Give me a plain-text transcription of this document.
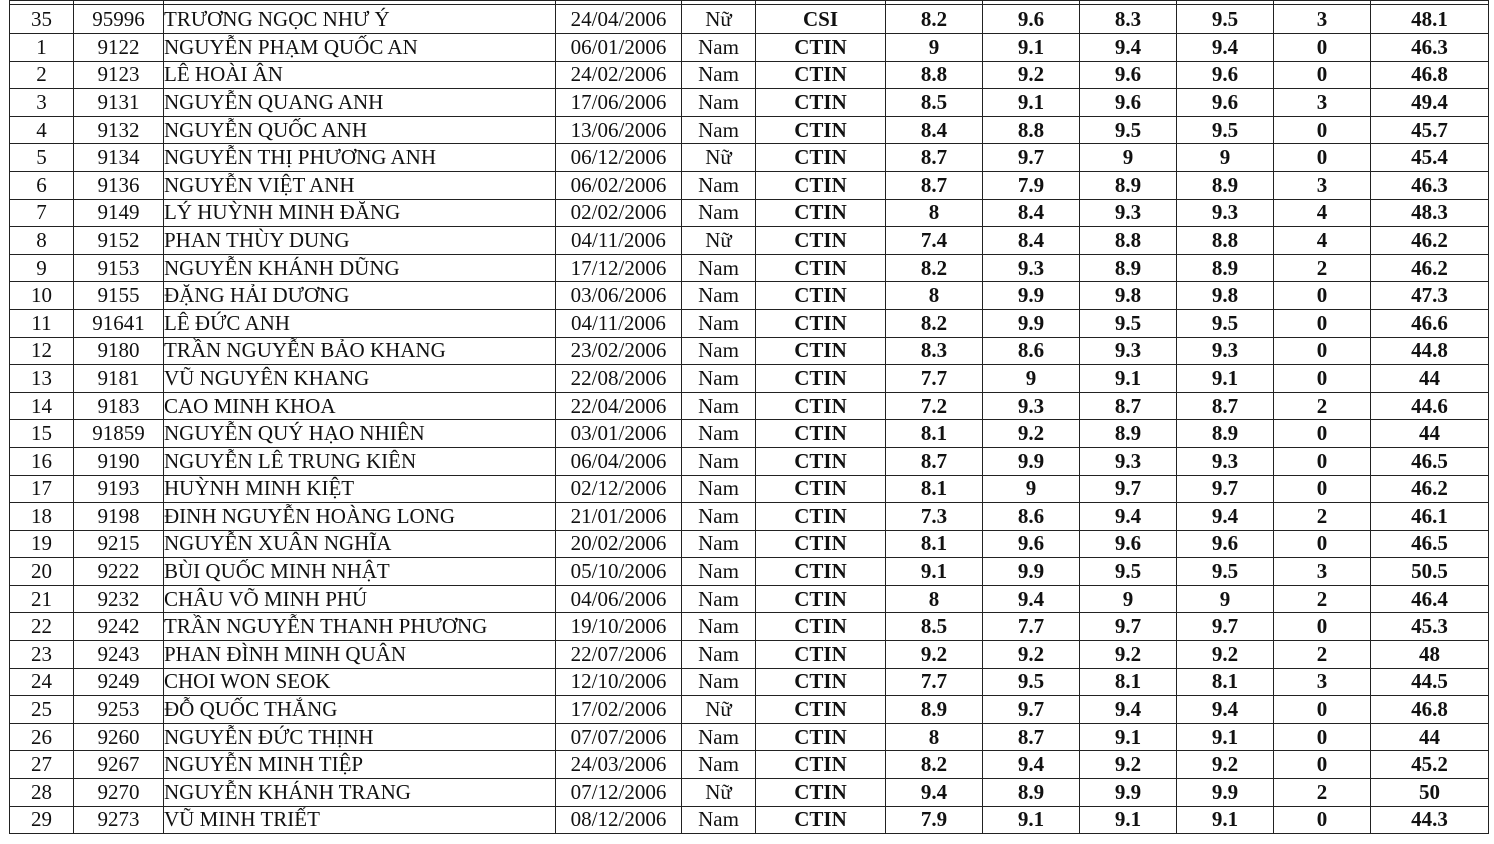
35	95996	TRƯƠNG NGỌC NHƯ Ý	24/04/2006	Nữ	CSI	8.2	9.6	8.3	9.5	3	48.1
1	9122	NGUYỄN PHẠM QUỐC AN	06/01/2006	Nam	CTIN	9	9.1	9.4	9.4	0	46.3
2	9123	LÊ HOÀI ÂN	24/02/2006	Nam	CTIN	8.8	9.2	9.6	9.6	0	46.8
3	9131	NGUYỄN QUANG ANH	17/06/2006	Nam	CTIN	8.5	9.1	9.6	9.6	3	49.4
4	9132	NGUYỄN QUỐC ANH	13/06/2006	Nam	CTIN	8.4	8.8	9.5	9.5	0	45.7
5	9134	NGUYỄN THỊ PHƯƠNG ANH	06/12/2006	Nữ	CTIN	8.7	9.7	9	9	0	45.4
6	9136	NGUYỄN VIỆT ANH	06/02/2006	Nam	CTIN	8.7	7.9	8.9	8.9	3	46.3
7	9149	LÝ HUỲNH MINH ĐĂNG	02/02/2006	Nam	CTIN	8	8.4	9.3	9.3	4	48.3
8	9152	PHAN THÙY DUNG	04/11/2006	Nữ	CTIN	7.4	8.4	8.8	8.8	4	46.2
9	9153	NGUYỄN KHÁNH DŨNG	17/12/2006	Nam	CTIN	8.2	9.3	8.9	8.9	2	46.2
10	9155	ĐẶNG HẢI DƯƠNG	03/06/2006	Nam	CTIN	8	9.9	9.8	9.8	0	47.3
11	91641	LÊ ĐỨC ANH	04/11/2006	Nam	CTIN	8.2	9.9	9.5	9.5	0	46.6
12	9180	TRẦN NGUYỄN BẢO KHANG	23/02/2006	Nam	CTIN	8.3	8.6	9.3	9.3	0	44.8
13	9181	VŨ NGUYÊN KHANG	22/08/2006	Nam	CTIN	7.7	9	9.1	9.1	0	44
14	9183	CAO MINH KHOA	22/04/2006	Nam	CTIN	7.2	9.3	8.7	8.7	2	44.6
15	91859	NGUYỄN QUÝ HẠO NHIÊN	03/01/2006	Nam	CTIN	8.1	9.2	8.9	8.9	0	44
16	9190	NGUYỄN LÊ TRUNG KIÊN	06/04/2006	Nam	CTIN	8.7	9.9	9.3	9.3	0	46.5
17	9193	HUỲNH MINH KIỆT	02/12/2006	Nam	CTIN	8.1	9	9.7	9.7	0	46.2
18	9198	ĐINH NGUYỄN HOÀNG LONG	21/01/2006	Nam	CTIN	7.3	8.6	9.4	9.4	2	46.1
19	9215	NGUYỄN XUÂN NGHĨA	20/02/2006	Nam	CTIN	8.1	9.6	9.6	9.6	0	46.5
20	9222	BÙI QUỐC MINH NHẬT	05/10/2006	Nam	CTIN	9.1	9.9	9.5	9.5	3	50.5
21	9232	CHÂU VÕ MINH PHÚ	04/06/2006	Nam	CTIN	8	9.4	9	9	2	46.4
22	9242	TRẦN NGUYỄN THANH PHƯƠNG	19/10/2006	Nam	CTIN	8.5	7.7	9.7	9.7	0	45.3
23	9243	PHAN ĐÌNH MINH QUÂN	22/07/2006	Nam	CTIN	9.2	9.2	9.2	9.2	2	48
24	9249	CHOI WON SEOK	12/10/2006	Nam	CTIN	7.7	9.5	8.1	8.1	3	44.5
25	9253	ĐỖ QUỐC THẮNG	17/02/2006	Nữ	CTIN	8.9	9.7	9.4	9.4	0	46.8
26	9260	NGUYỄN ĐỨC THỊNH	07/07/2006	Nam	CTIN	8	8.7	9.1	9.1	0	44
27	9267	NGUYỄN MINH TIỆP	24/03/2006	Nam	CTIN	8.2	9.4	9.2	9.2	0	45.2
28	9270	NGUYỄN KHÁNH TRANG	07/12/2006	Nữ	CTIN	9.4	8.9	9.9	9.9	2	50
29	9273	VŨ MINH TRIẾT	08/12/2006	Nam	CTIN	7.9	9.1	9.1	9.1	0	44.3
